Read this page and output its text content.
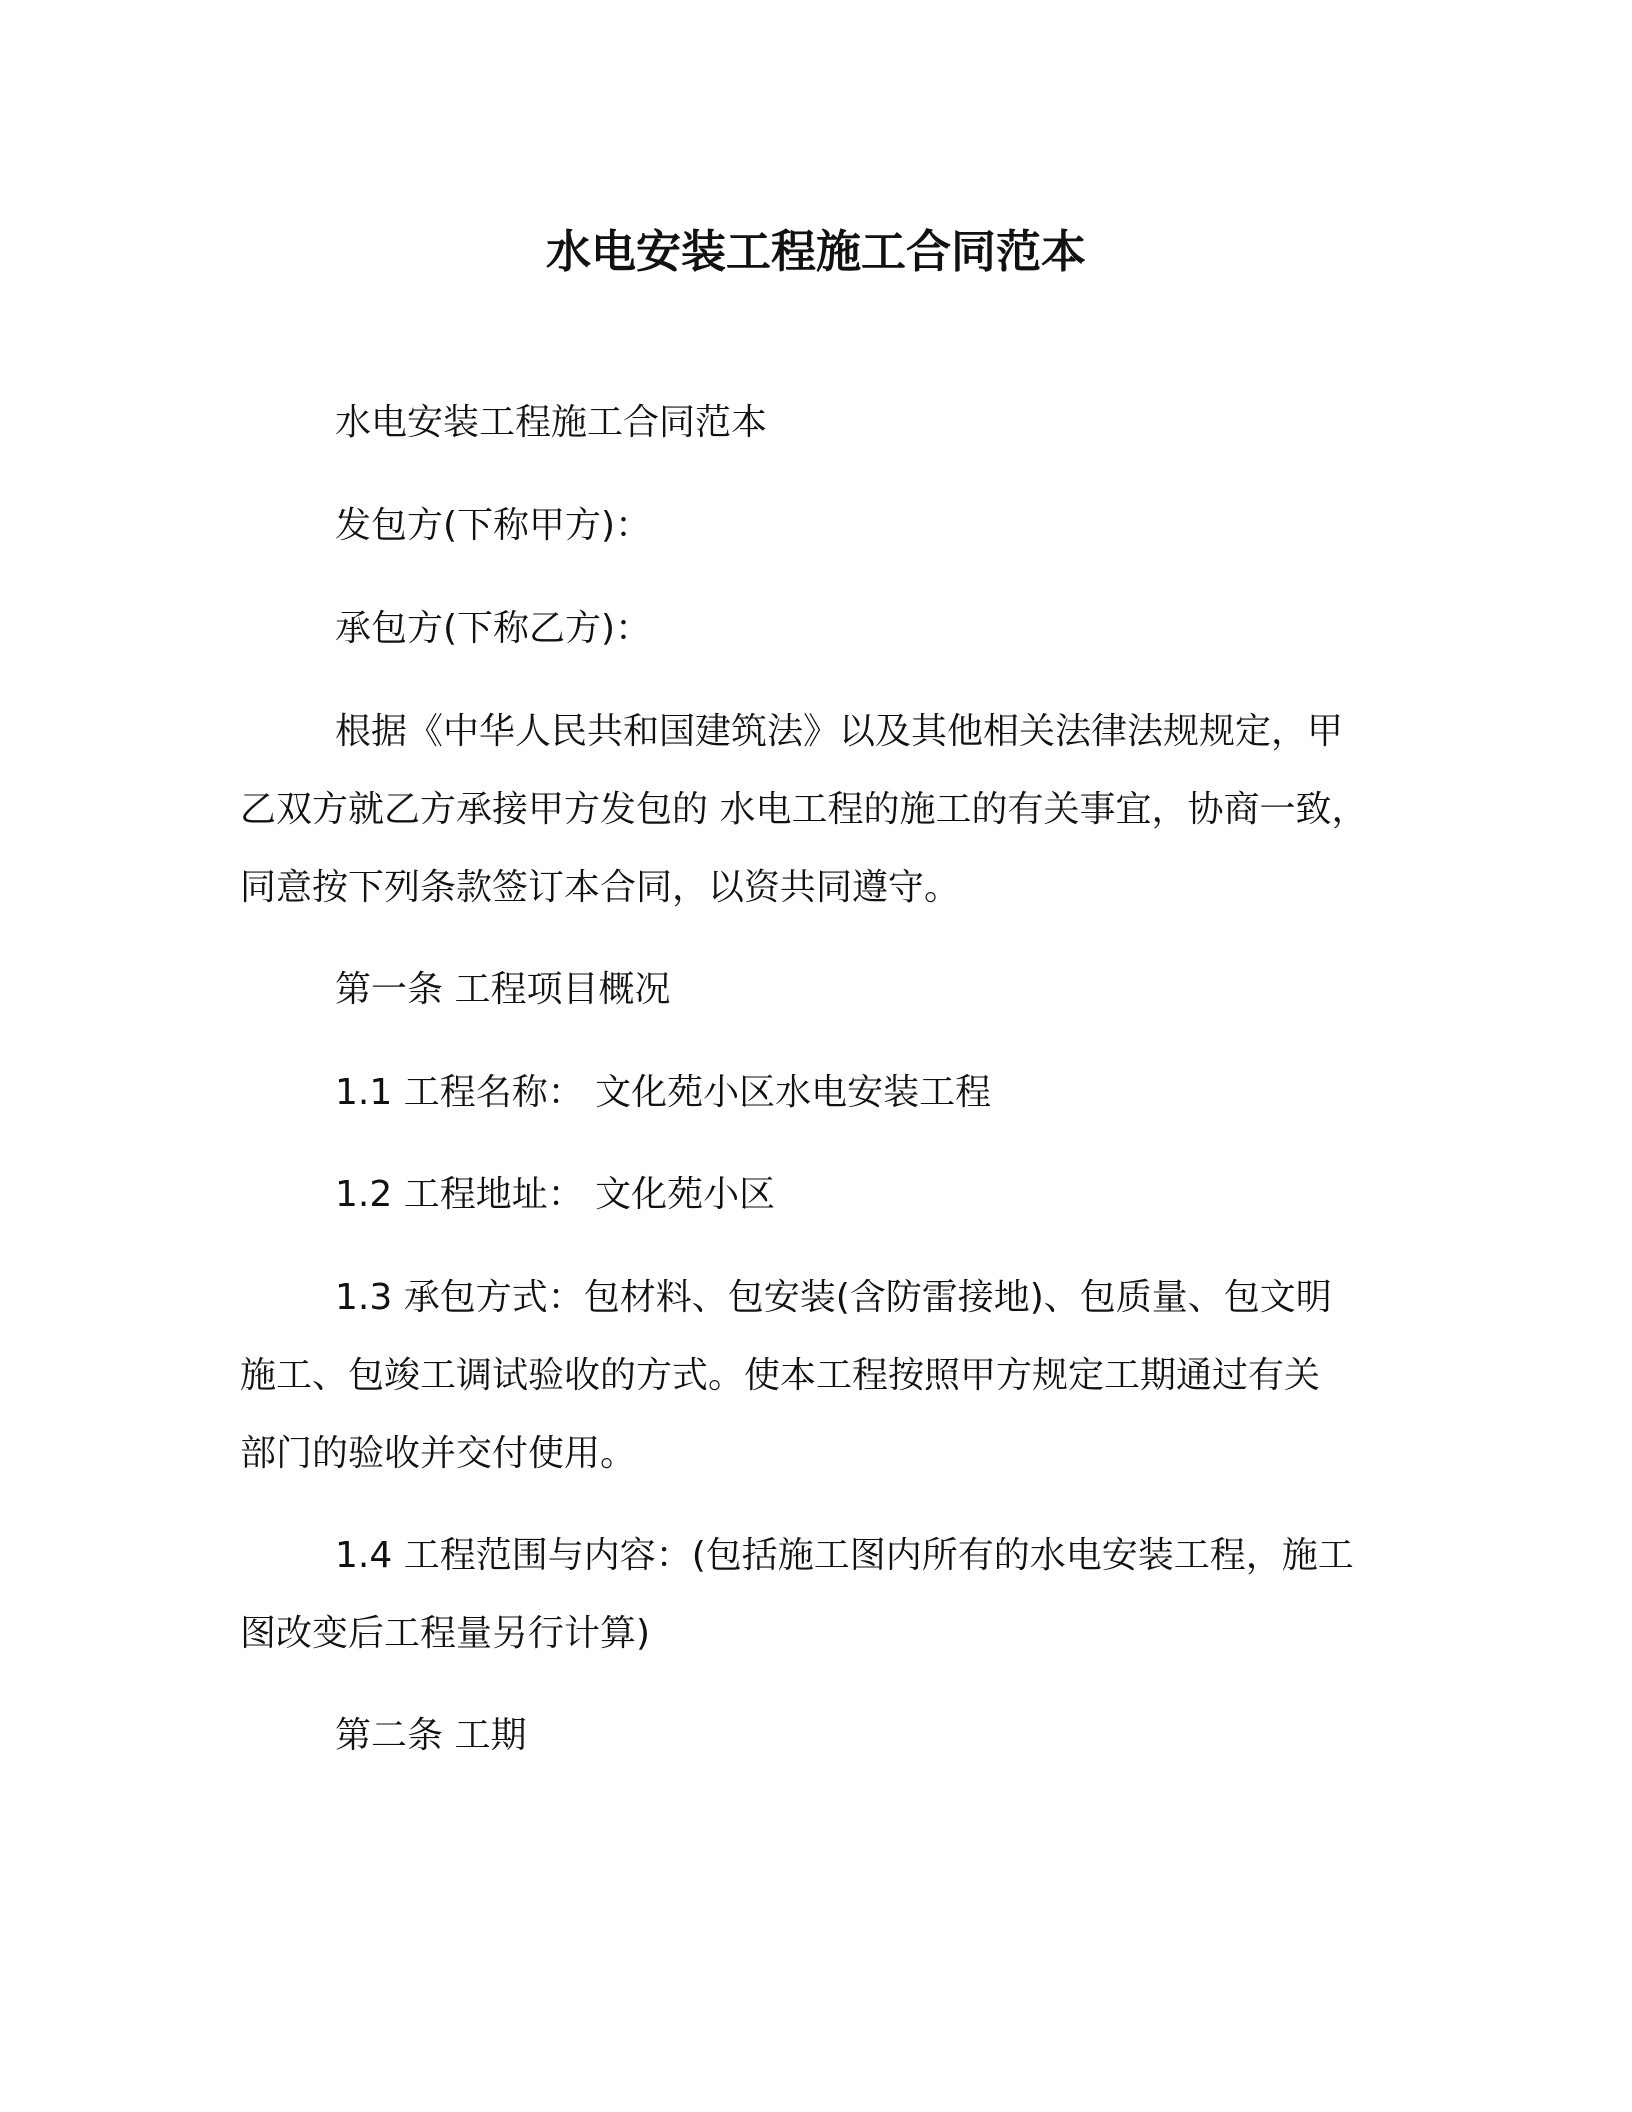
水电安装工程施工合同范本
水电安装工程施工合同范本
发包方(下称甲方)：
承包方(下称乙方)：
根据《中华人民共和国建筑法》以及其他相关法律法规规定，甲
乙双方就乙方承接甲方发包的 水电工程的施工的有关事宜，协商一致，
同意按下列条款签订本合同，以资共同遵守。
第一条 工程项目概况
1.1 工程名称： 文化苑小区水电安装工程
1.2 工程地址： 文化苑小区
1.3 承包方式：包材料、包安装(含防雷接地)、包质量、包文明
施工、包竣工调试验收的方式。使本工程按照甲方规定工期通过有关
部门的验收并交付使用。
1.4 工程范围与内容：(包括施工图内所有的水电安装工程，施工
图改变后工程量另行计算)
第二条 工期
